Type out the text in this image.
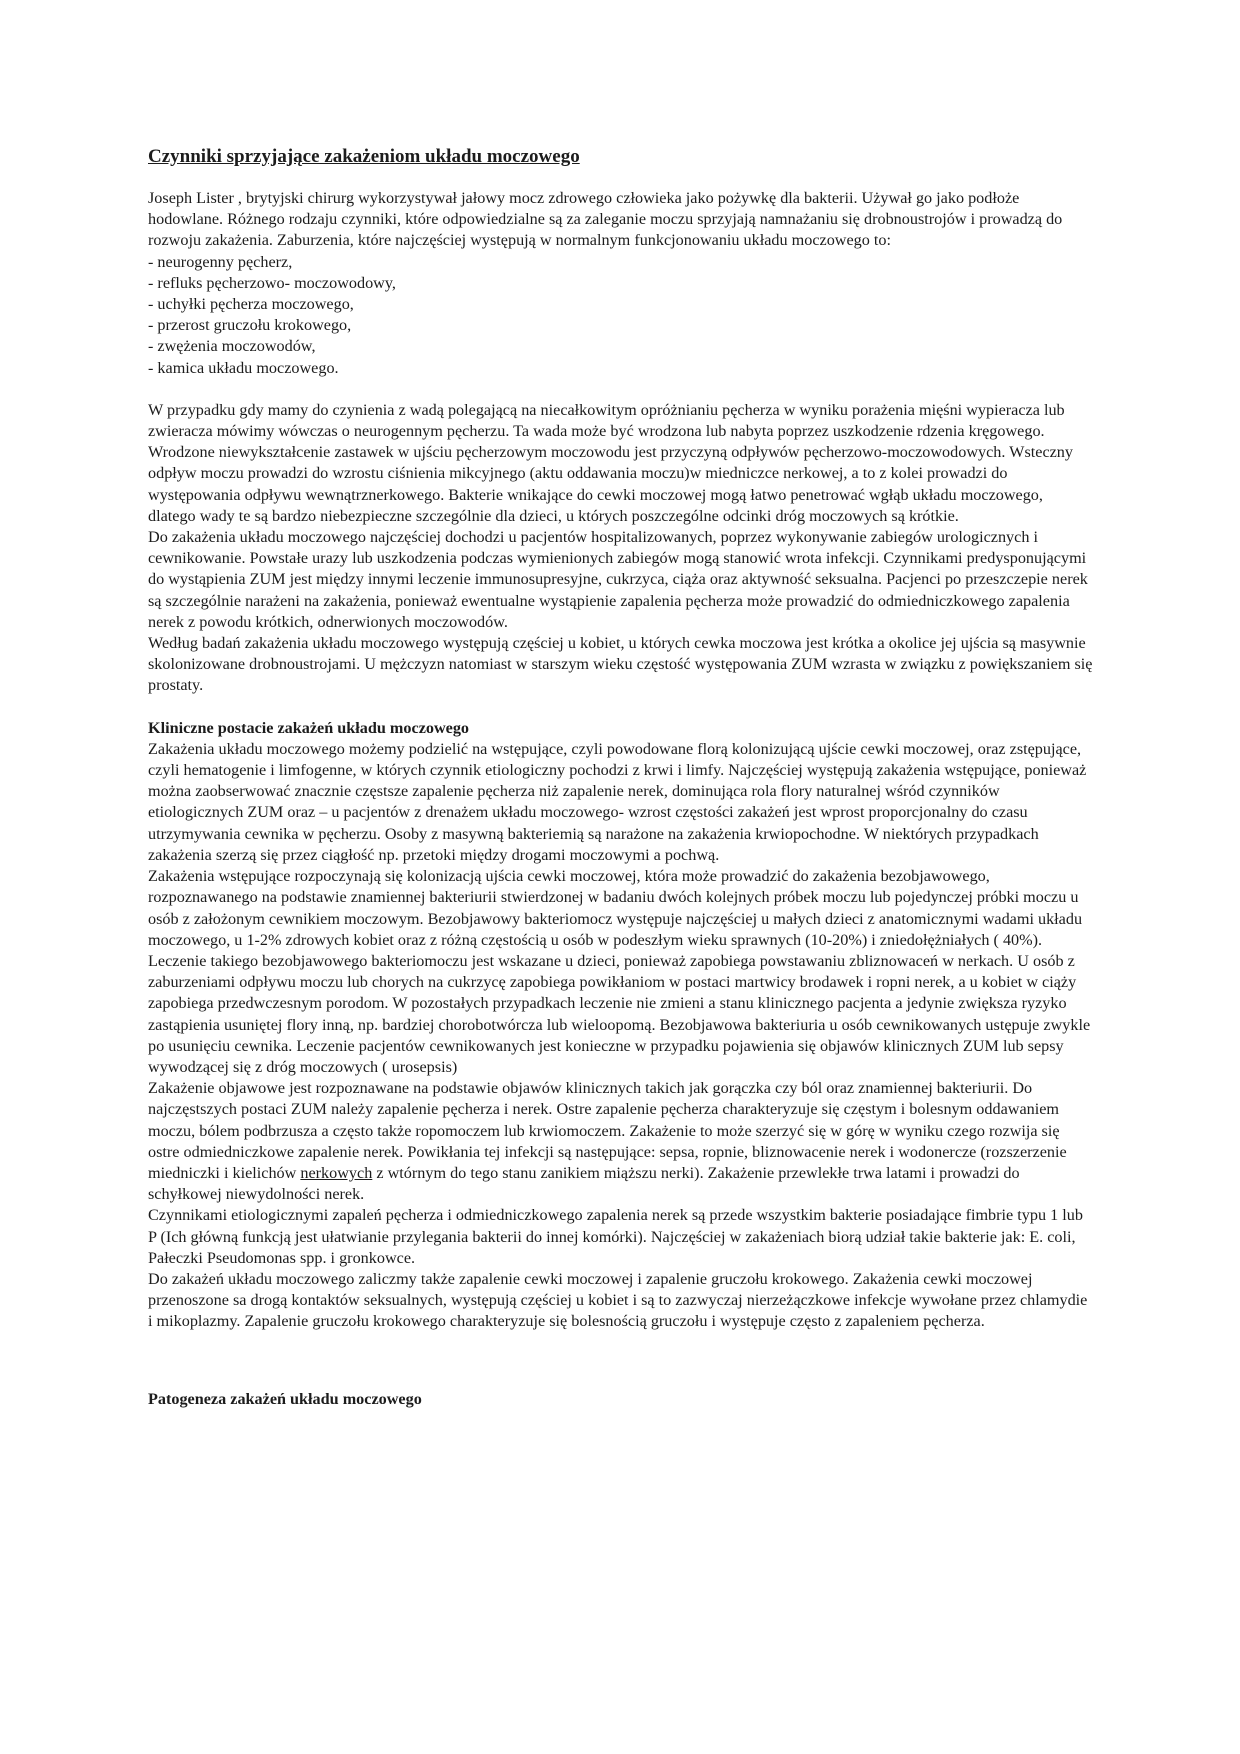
Czynniki sprzyjające zakażeniom układu moczowego

Joseph Lister , brytyjski chirurg wykorzystywał jałowy mocz zdrowego człowieka jako pożywkę dla bakterii. Używał go jako podłoże hodowlane. Różnego rodzaju czynniki, które odpowiedzialne są za zaleganie moczu sprzyjają namnażaniu się drobnoustrojów i prowadzą do rozwoju zakażenia. Zaburzenia, które najczęściej występują w normalnym funkcjonowaniu układu moczowego to:

- neurogenny pęcherz,
- refluks pęcherzowo- moczowodowy,
- uchyłki pęcherza moczowego,
- przerost gruczołu krokowego,
- zwężenia moczowodów,
- kamica układu moczowego.

W przypadku gdy mamy do czynienia z wadą polegającą na niecałkowitym opróżnianiu pęcherza w wyniku porażenia mięśni wypieracza lub zwieracza mówimy wówczas o neurogennym pęcherzu. Ta wada może być wrodzona lub nabyta poprzez uszkodzenie rdzenia kręgowego. Wrodzone niewykształcenie zastawek w ujściu pęcherzowym moczowodu jest przyczyną odpływów pęcherzowo-moczowodowych. Wsteczny odpływ moczu prowadzi do wzrostu ciśnienia mikcyjnego (aktu oddawania moczu)w miedniczce nerkowej, a to z kolei prowadzi do występowania odpływu wewnątrznerkowego. Bakterie wnikające do cewki moczowej mogą łatwo penetrować wgłąb układu moczowego, dlatego wady te są bardzo niebezpieczne szczególnie dla dzieci, u których poszczególne odcinki dróg moczowych są krótkie.

Do zakażenia układu moczowego najczęściej dochodzi u pacjentów hospitalizowanych, poprzez wykonywanie zabiegów urologicznych i cewnikowanie. Powstałe urazy lub uszkodzenia podczas wymienionych zabiegów mogą stanowić wrota infekcji. Czynnikami predysponującymi do wystąpienia ZUM jest między innymi leczenie immunosupresyjne, cukrzyca, ciąża oraz aktywność seksualna. Pacjenci po przeszczepie nerek są szczególnie narażeni na zakażenia, ponieważ ewentualne wystąpienie zapalenia pęcherza może prowadzić do odmiedniczkowego zapalenia nerek z powodu krótkich, odnerwionych moczowodów.

Według badań zakażenia układu moczowego występują częściej u kobiet, u których cewka moczowa jest krótka a okolice jej ujścia są masywnie skolonizowane drobnoustrojami. U mężczyzn natomiast w starszym wieku częstość występowania ZUM wzrasta w związku z powiększaniem się prostaty.

Kliniczne postacie zakażeń układu moczowego

Zakażenia układu moczowego możemy podzielić na wstępujące, czyli powodowane florą kolonizującą ujście cewki moczowej, oraz zstępujące, czyli hematogenie i limfogenne, w których czynnik etiologiczny pochodzi z krwi i limfy. Najczęściej występują zakażenia wstępujące, ponieważ można zaobserwować znacznie częstsze zapalenie pęcherza niż zapalenie nerek, dominująca rola flory naturalnej wśród czynników etiologicznych ZUM oraz – u pacjentów z drenażem układu moczowego- wzrost częstości zakażeń jest wprost proporcjonalny do czasu utrzymywania cewnika w pęcherzu. Osoby z masywną bakteriemią są narażone na zakażenia krwiopochodne. W niektórych przypadkach zakażenia szerzą się przez ciągłość np. przetoki między drogami moczowymi a pochwą.

Zakażenia wstępujące rozpoczynają się kolonizacją ujścia cewki moczowej, która może prowadzić do zakażenia bezobjawowego, rozpoznawanego na podstawie znamiennej bakteriurii stwierdzonej w badaniu dwóch kolejnych próbek moczu lub pojedynczej próbki moczu u osób z założonym cewnikiem moczowym. Bezobjawowy bakteriomocz występuje najczęściej u małych dzieci z anatomicznymi wadami układu moczowego, u 1-2% zdrowych kobiet oraz z różną częstością u osób w podeszłym wieku sprawnych (10-20%) i zniedołężniałych ( 40%).

Leczenie takiego bezobjawowego bakteriomoczu jest wskazane u dzieci, ponieważ zapobiega powstawaniu zbliznowaceń w nerkach. U osób z zaburzeniami odpływu moczu lub chorych na cukrzycę zapobiega powikłaniom w postaci martwicy brodawek i ropni nerek, a u kobiet w ciąży zapobiega przedwczesnym porodom. W pozostałych przypadkach leczenie nie zmieni a stanu klinicznego pacjenta a jedynie zwiększa ryzyko zastąpienia usuniętej flory inną, np. bardziej chorobotwórcza lub wieloopomą. Bezobjawowa bakteriuria u osób cewnikowanych ustępuje zwykle po usunięciu cewnika. Leczenie pacjentów cewnikowanych jest konieczne w przypadku pojawienia się objawów klinicznych ZUM lub sepsy wywodzącej się z dróg moczowych ( urosepsis)

Zakażenie objawowe jest rozpoznawane na podstawie objawów klinicznych takich jak gorączka czy ból oraz znamiennej bakteriurii. Do najczęstszych postaci ZUM należy zapalenie pęcherza i nerek. Ostre zapalenie pęcherza charakteryzuje się częstym i bolesnym oddawaniem moczu, bólem podbrzusza a często także ropomoczem lub krwiomoczem. Zakażenie to może szerzyć się w górę w wyniku czego rozwija się ostre odmiedniczkowe zapalenie nerek. Powikłania tej infekcji są następujące: sepsa, ropnie, bliznowacenie nerek i wodonercze (rozszerzenie miedniczki i kielichów nerkowych z wtórnym do tego stanu zanikiem miąższu nerki). Zakażenie przewlekłe trwa latami i prowadzi do schyłkowej niewydolności nerek.

Czynnikami etiologicznymi zapaleń pęcherza i odmiedniczkowego zapalenia nerek są przede wszystkim bakterie posiadające fimbrie typu 1 lub P (Ich główną funkcją jest ułatwianie przylegania bakterii do innej komórki). Najczęściej w zakażeniach biorą udział takie bakterie jak: E. coli, Pałeczki Pseudomonas spp. i gronkowce.

Do zakażeń układu moczowego zaliczmy także zapalenie cewki moczowej i zapalenie gruczołu krokowego. Zakażenia cewki moczowej przenoszone sa drogą kontaktów seksualnych, występują częściej u kobiet i są to zazwyczaj nierzeżączkowe infekcje wywołane przez chlamydie i mikoplazmy. Zapalenie gruczołu krokowego charakteryzuje się bolesnością gruczołu i występuje często z zapaleniem pęcherza.

Patogeneza zakażeń układu moczowego
